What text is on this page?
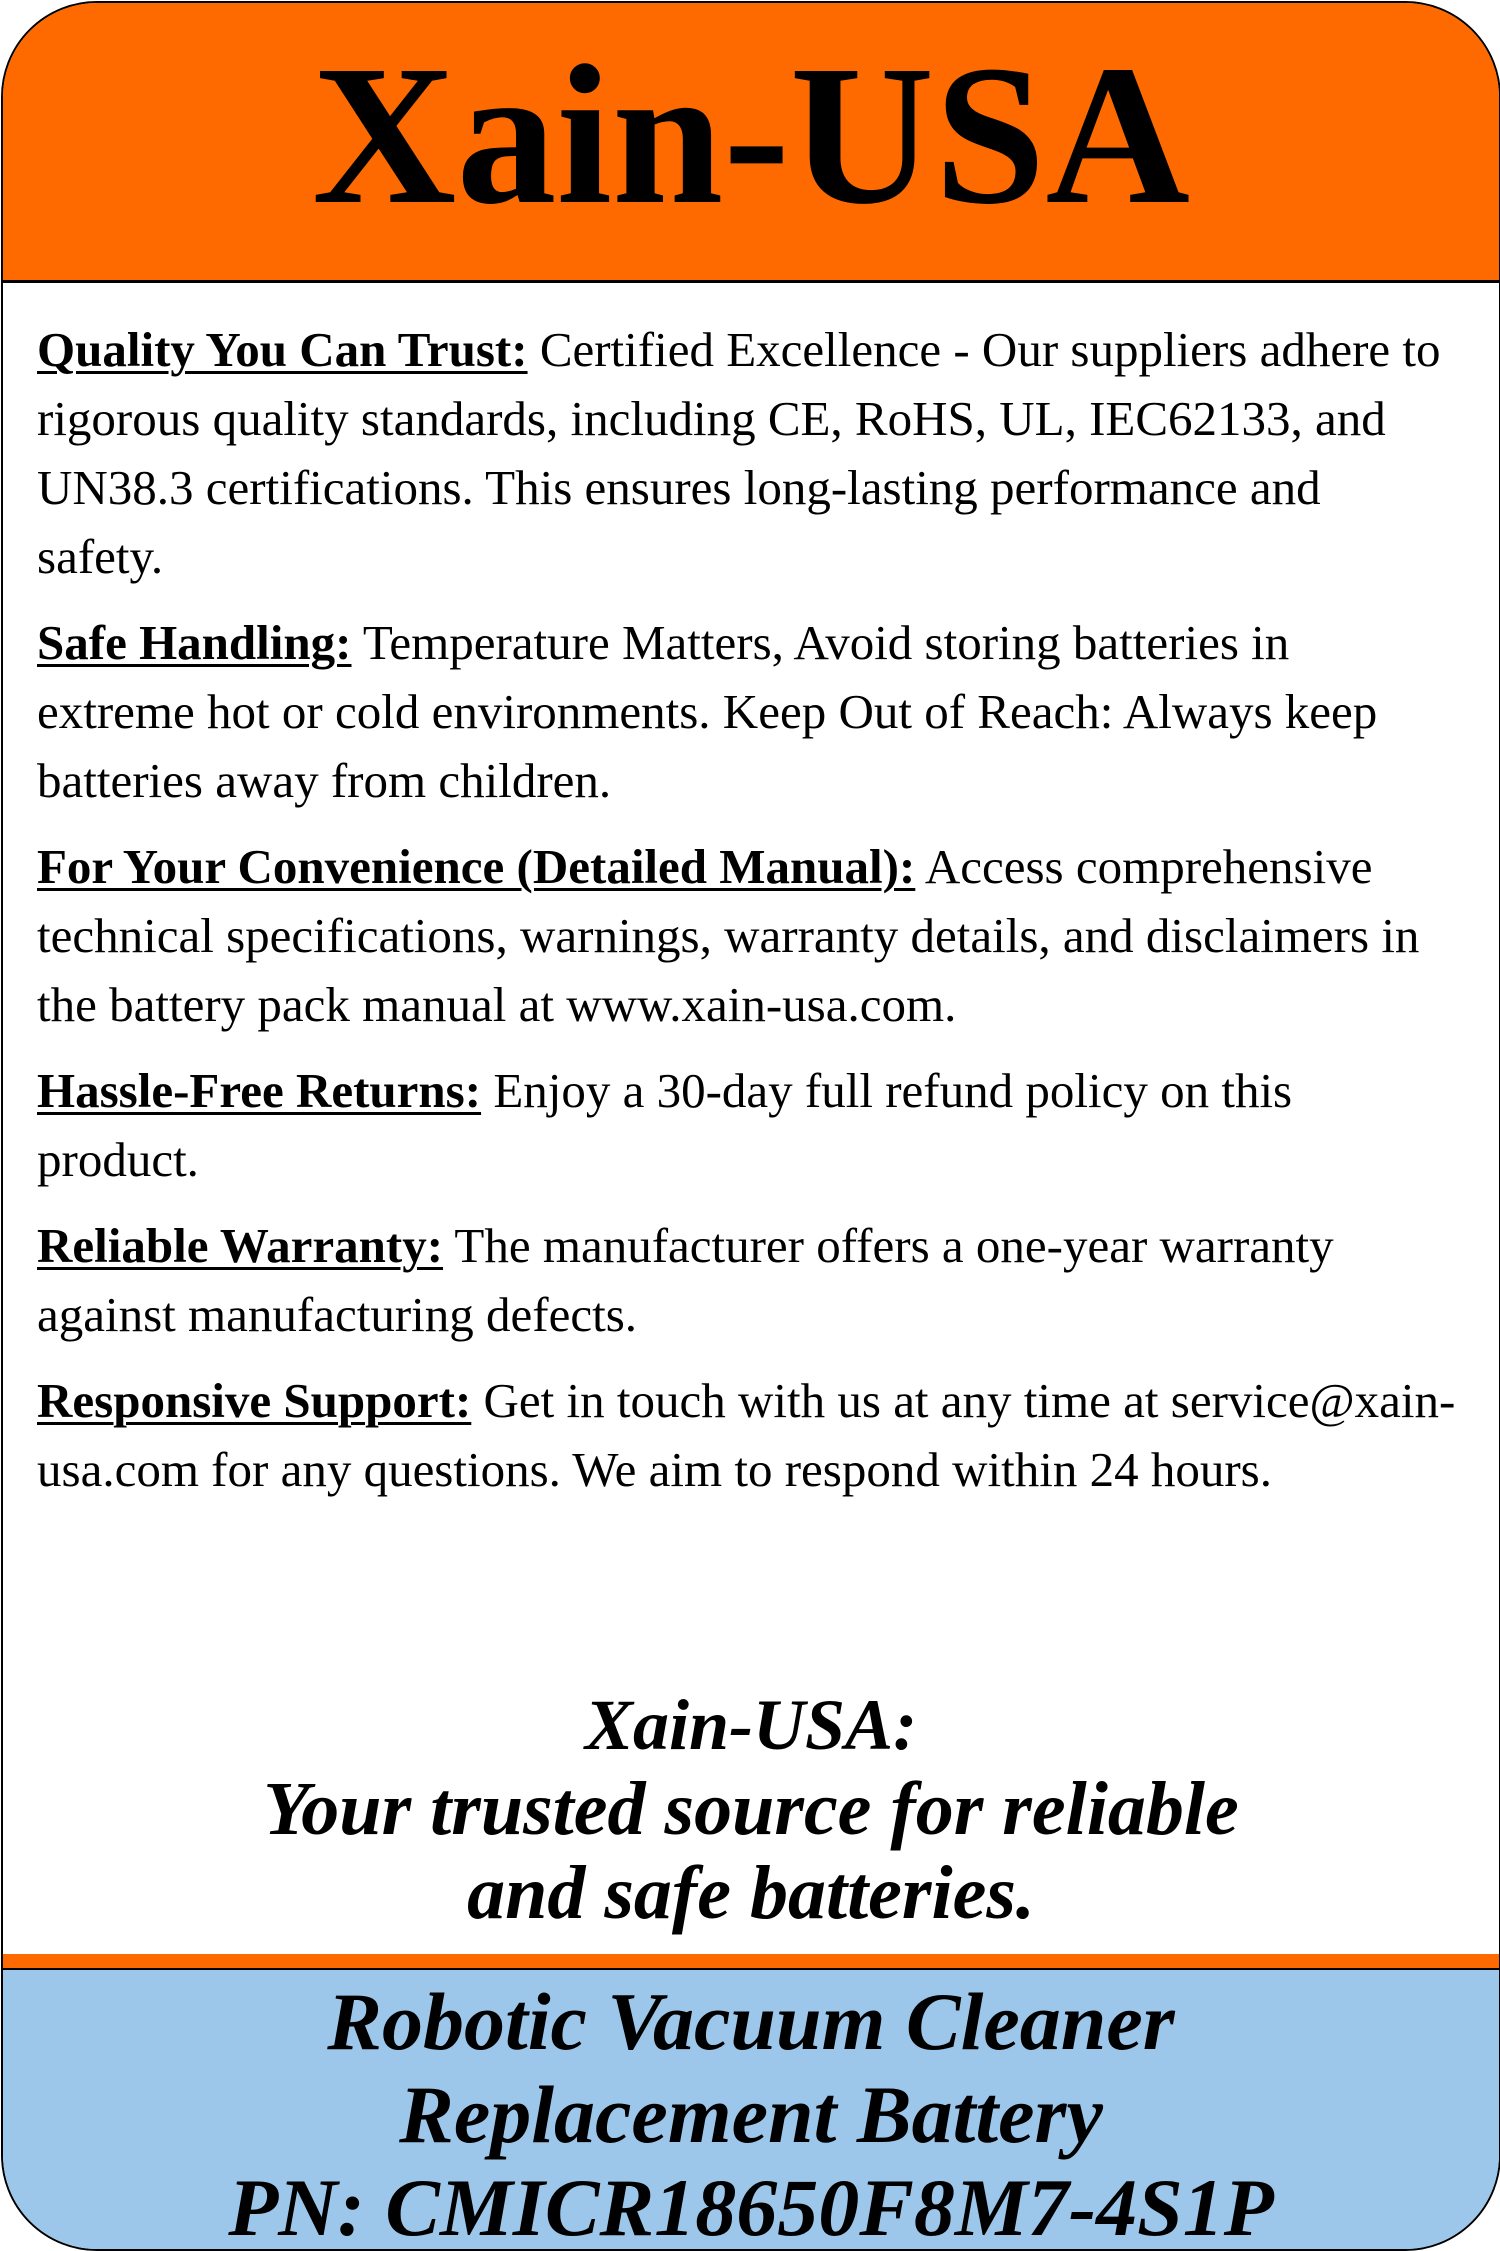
Xain-USA

Quality You Can Trust: Certified Excellence - Our suppliers adhere to rigorous quality standards, including CE, RoHS, UL, IEC62133, and UN38.3 certifications. This ensures long-lasting performance and safety.

Safe Handling: Temperature Matters, Avoid storing batteries in extreme hot or cold environments. Keep Out of Reach: Always keep batteries away from children.

For Your Convenience (Detailed Manual): Access comprehensive technical specifications, warnings, warranty details, and disclaimers in the battery pack manual at www.xain-usa.com.

Hassle-Free Returns: Enjoy a 30-day full refund policy on this product.

Reliable Warranty: The manufacturer offers a one-year warranty against manufacturing defects.

Responsive Support: Get in touch with us at any time at service@xain-usa.com for any questions. We aim to respond within 24 hours.

Xain-USA:
Your trusted source for reliable
and safe batteries.
Robotic Vacuum Cleaner
Replacement Battery
PN: CMICR18650F8M7-4S1P
